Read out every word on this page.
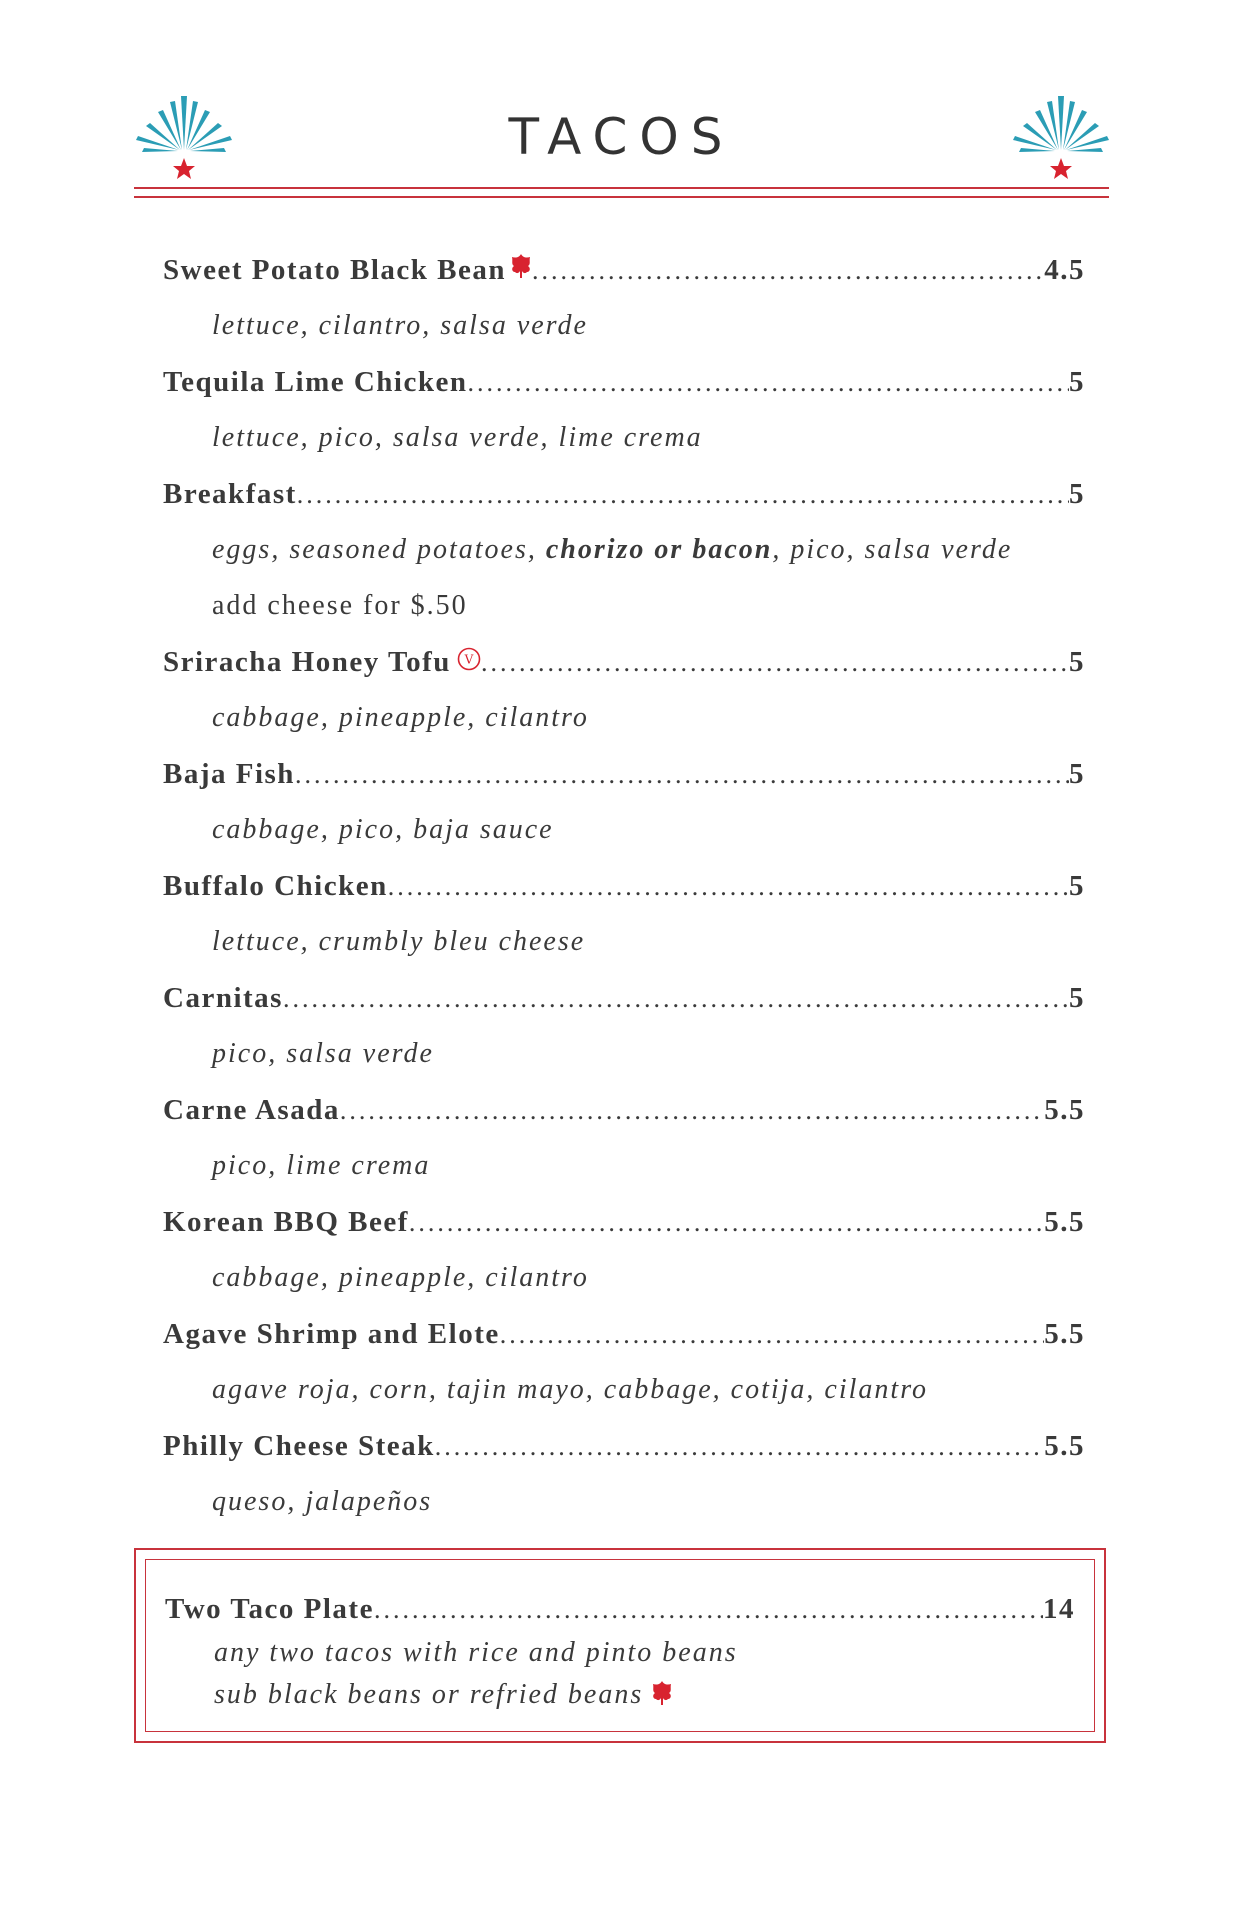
TACOS
Sweet Potato Black Bean .....	4.5
lettuce, cilantro, salsa verde
Tequila Lime Chicken .....	5
lettuce, pico, salsa verde, lime crema
Breakfast .....	5
eggs, seasoned potatoes, chorizo or bacon, pico, salsa verde
add cheese for $.50
Sriracha Honey Tofu V .....	5
cabbage, pineapple, cilantro
Baja Fish .....	5
cabbage, pico, baja sauce
Buffalo Chicken .....	5
lettuce, crumbly bleu cheese
Carnitas .....	5
pico, salsa verde
Carne Asada .....	5.5
pico, lime crema
Korean BBQ Beef .....	5.5
cabbage, pineapple, cilantro
Agave Shrimp and Elote .....	5.5
agave roja, corn, tajin mayo, cabbage, cotija, cilantro
Philly Cheese Steak .....	5.5
queso, jalapeños
Two Taco Plate .....	14
any two tacos with rice and pinto beans
sub black beans or refried beans
